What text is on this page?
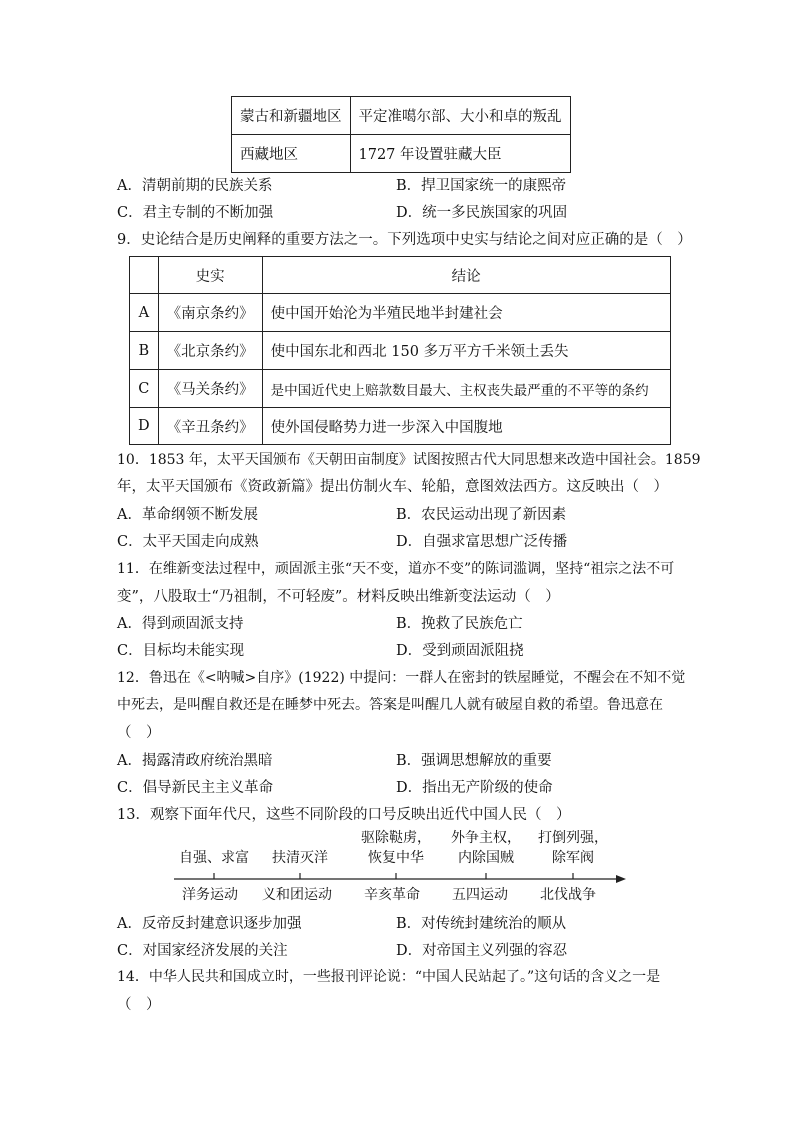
蒙古和新疆地区	平定准噶尔部、大小和卓的叛乱
西藏地区	1727 年设置驻藏大臣
A．清朝前期的民族关系	B．捍卫国家统一的康熙帝
C．君主专制的不断加强	D．统一多民族国家的巩固
9．史论结合是历史阐释的重要方法之一。下列选项中史实与结论之间对应正确的是（　）
	史实	结论
A	《南京条约》	使中国开始沦为半殖民地半封建社会
B	《北京条约》	使中国东北和西北 150 多万平方千米领土丢失
C	《马关条约》	是中国近代史上赔款数目最大、主权丧失最严重的不平等的条约
D	《辛丑条约》	使外国侵略势力进一步深入中国腹地
10．1853 年，太平天国颁布《天朝田亩制度》试图按照古代大同思想来改造中国社会。1859
年，太平天国颁布《资政新篇》提出仿制火车、轮船，意图效法西方。这反映出（　）
A．革命纲领不断发展	B．农民运动出现了新因素
C．太平天国走向成熟	D．自强求富思想广泛传播
11．在维新变法过程中，顽固派主张“天不变，道亦不变”的陈词滥调，坚持“祖宗之法不可
变”，八股取士“乃祖制，不可轻废”。材料反映出维新变法运动（　）
A．得到顽固派支持	B．挽救了民族危亡
C．目标均未能实现	D．受到顽固派阻挠
12．鲁迅在《<呐喊>自序》(1922) 中提问：一群人在密封的铁屋睡觉，不醒会在不知不觉
中死去，是叫醒自救还是在睡梦中死去。答案是叫醒几人就有破屋自救的希望。鲁迅意在
（　）
A．揭露清政府统治黑暗	B．强调思想解放的重要
C．倡导新民主主义革命	D．指出无产阶级的使命
13．观察下面年代尺，这些不同阶段的口号反映出近代中国人民（　）
自强、求富	扶清灭洋
驱除鞑虏，
恢复中华
外争主权，
内除国贼
打倒列强，
除军阀
洋务运动 义和团运动 辛亥革命 五四运动 北伐战争
A．反帝反封建意识逐步加强	B．对传统封建统治的顺从
C．对国家经济发展的关注	D．对帝国主义列强的容忍
14．中华人民共和国成立时，一些报刊评论说：“中国人民站起了。”这句话的含义之一是
（　）
